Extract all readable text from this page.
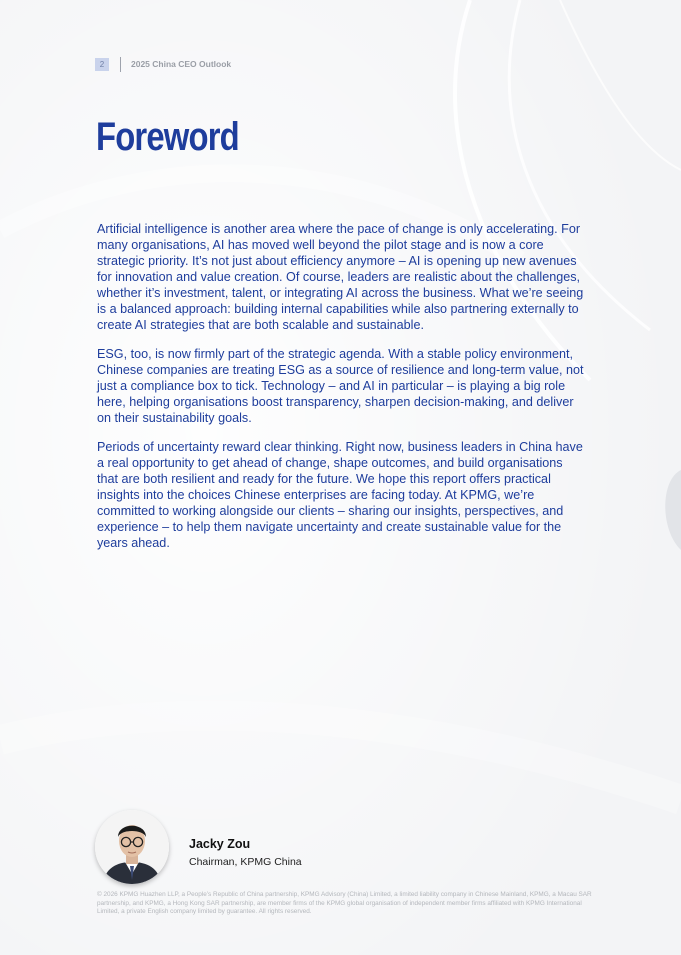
2	2025 China CEO Outlook
Foreword

Artificial intelligence is another area where the pace of change is only accelerating. For many organisations, AI has moved well beyond the pilot stage and is now a core strategic priority. It’s not just about efficiency anymore – AI is opening up new avenues for innovation and value creation. Of course, leaders are realistic about the challenges, whether it’s investment, talent, or integrating AI across the business. What we’re seeing is a balanced approach: building internal capabilities while also partnering externally to create AI strategies that are both scalable and sustainable.

ESG, too, is now firmly part of the strategic agenda. With a stable policy environment, Chinese companies are treating ESG as a source of resilience and long-term value, not just a compliance box to tick. Technology – and AI in particular – is playing a big role here, helping organisations boost transparency, sharpen decision-making, and deliver on their sustainability goals.

Periods of uncertainty reward clear thinking. Right now, business leaders in China have a real opportunity to get ahead of change, shape outcomes, and build organisations that are both resilient and ready for the future. We hope this report offers practical insights into the choices Chinese enterprises are facing today. At KPMG, we’re committed to working alongside our clients – sharing our insights, perspectives, and experience – to help them navigate uncertainty and create sustainable value for the years ahead.

Jacky Zou
Chairman, KPMG China
© 2026 KPMG Huazhen LLP, a People’s Republic of China partnership, KPMG Advisory (China) Limited, a limited liability company in Chinese Mainland, KPMG, a Macau SAR partnership, and KPMG, a Hong Kong SAR partnership, are member firms of the KPMG global organisation of independent member firms affiliated with KPMG International Limited, a private English company limited by guarantee. All rights reserved.
